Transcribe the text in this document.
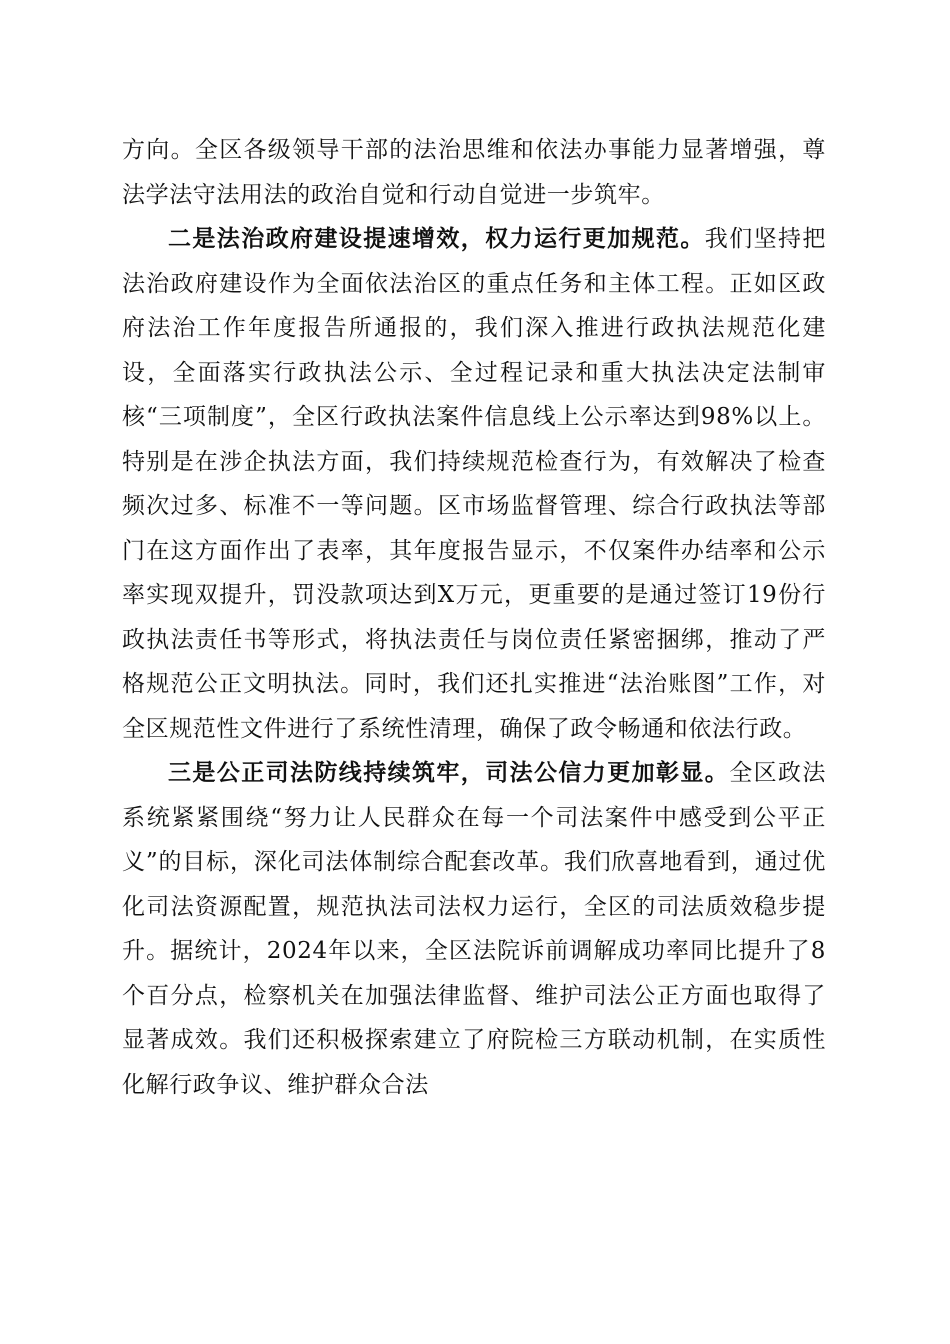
方向。全区各级领导干部的法治思维和依法办事能力显著增强，尊法学法守法用法的政治自觉和行动自觉进一步筑牢。

二是法治政府建设提速增效，权力运行更加规范。我们坚持把法治政府建设作为全面依法治区的重点任务和主体工程。正如区政府法治工作年度报告所通报的，我们深入推进行政执法规范化建设，全面落实行政执法公示、全过程记录和重大执法决定法制审核“三项制度”，全区行政执法案件信息线上公示率达到98%以上。特别是在涉企执法方面，我们持续规范检查行为，有效解决了检查频次过多、标准不一等问题。区市场监督管理、综合行政执法等部门在这方面作出了表率，其年度报告显示，不仅案件办结率和公示率实现双提升，罚没款项达到X万元，更重要的是通过签订19份行政执法责任书等形式，将执法责任与岗位责任紧密捆绑，推动了严格规范公正文明执法。同时，我们还扎实推进“法治账图”工作，对全区规范性文件进行了系统性清理，确保了政令畅通和依法行政。

三是公正司法防线持续筑牢，司法公信力更加彰显。全区政法系统紧紧围绕“努力让人民群众在每一个司法案件中感受到公平正义”的目标，深化司法体制综合配套改革。我们欣喜地看到，通过优化司法资源配置，规范执法司法权力运行，全区的司法质效稳步提升。据统计，2024年以来，全区法院诉前调解成功率同比提升了8个百分点，检察机关在加强法律监督、维护司法公正方面也取得了显著成效。我们还积极探索建立了府院检三方联动机制，在实质性化解行政争议、维护群众合法
